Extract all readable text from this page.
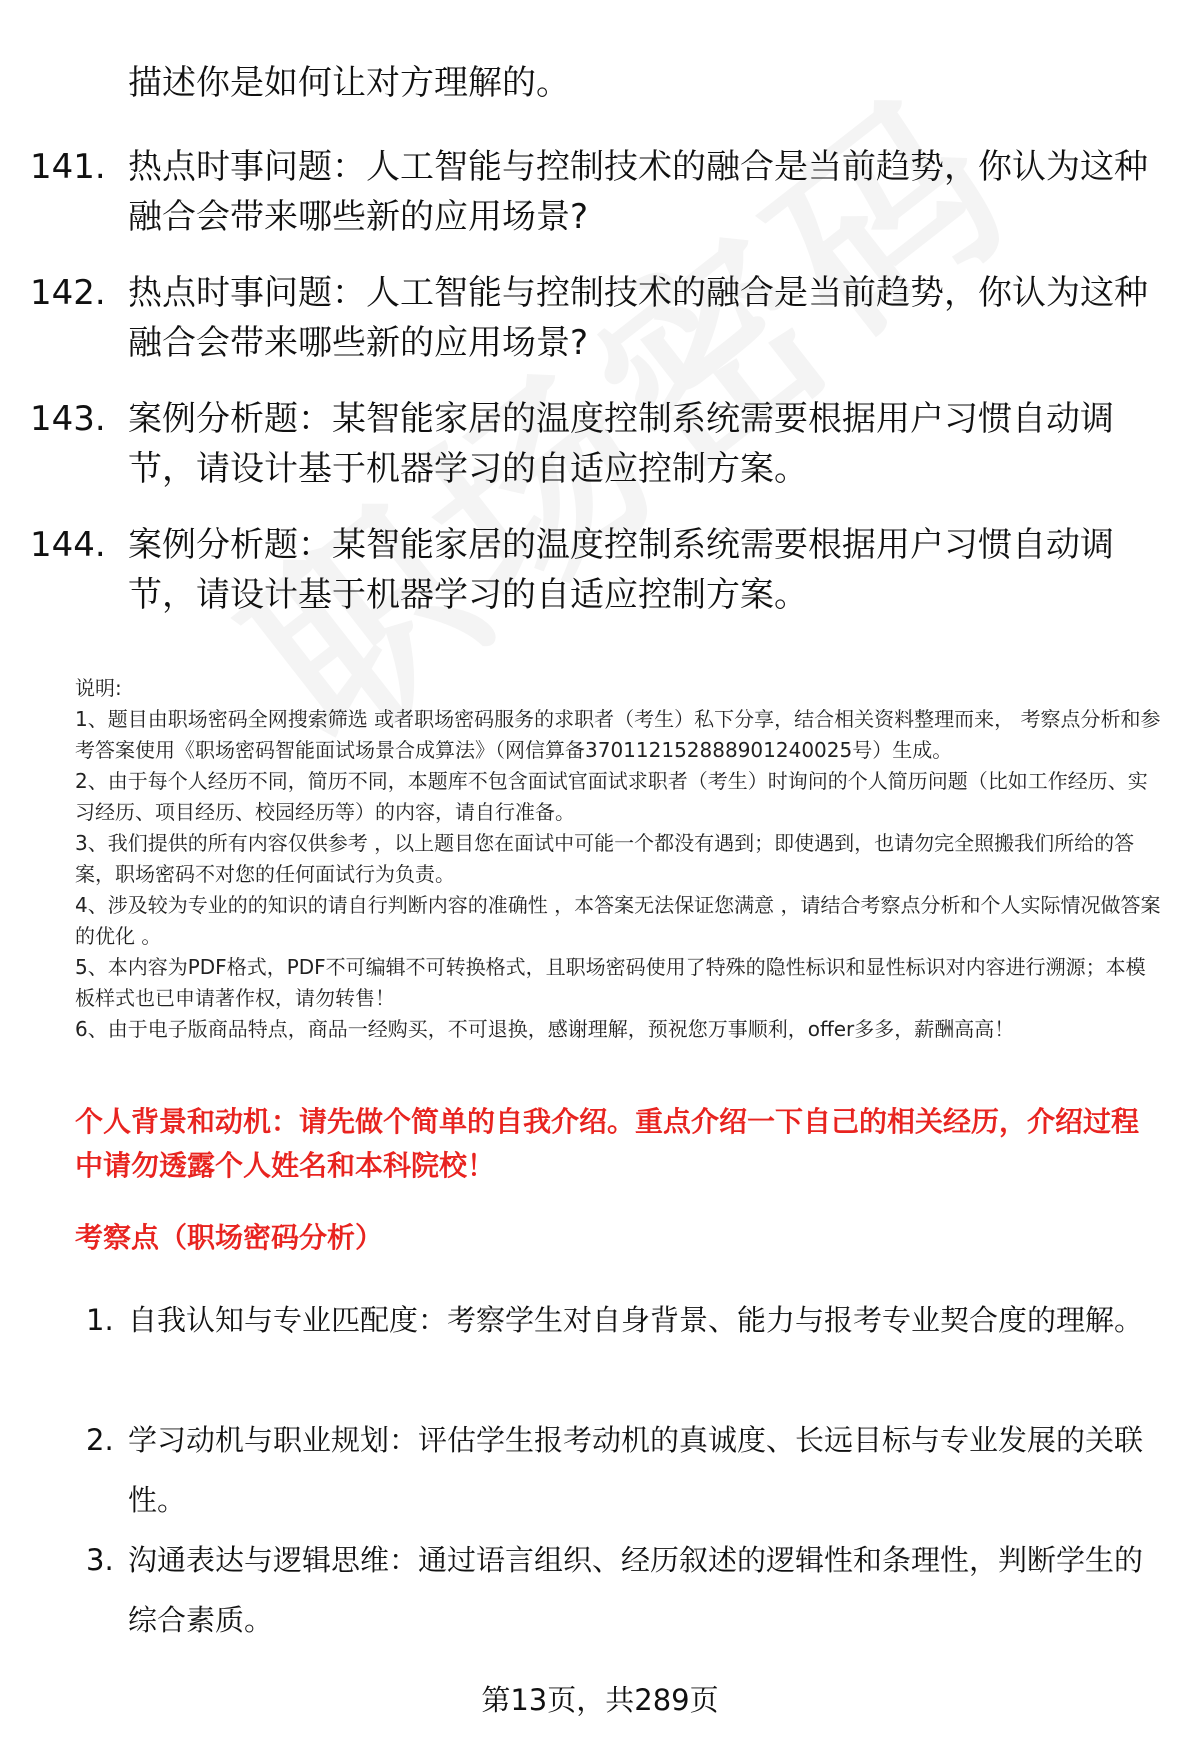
描述你是如何让对方理解的。
141. 热点时事问题：人工智能与控制技术的融合是当前趋势，你认为这种融合会带来哪些新的应用场景?
142. 热点时事问题：人工智能与控制技术的融合是当前趋势，你认为这种融合会带来哪些新的应用场景?
143. 案例分析题：某智能家居的温度控制系统需要根据用户习惯自动调节，请设计基于机器学习的自适应控制方案。
144. 案例分析题：某智能家居的温度控制系统需要根据用户习惯自动调节，请设计基于机器学习的自适应控制方案。

说明:

1、题目由职场密码全网搜索筛选 或者职场密码服务的求职者（考生）私下分享，结合相关资料整理而来， 考察点分析和参考答案使用《职场密码智能面试场景合成算法》（网信算备370112152888901240025号）生成。

2、由于每个人经历不同，简历不同，本题库不包含面试官面试求职者（考生）时询问的个人简历问题（比如工作经历、实习经历、项目经历、校园经历等）的内容，请自行准备。

3、我们提供的所有内容仅供参考 ，以上题目您在面试中可能一个都没有遇到；即使遇到，也请勿完全照搬我们所给的答案，职场密码不对您的任何面试行为负责。

4、涉及较为专业的的知识的请自行判断内容的准确性 ，本答案无法保证您满意 ，请结合考察点分析和个人实际情况做答案的优化 。

5、本内容为PDF格式，PDF不可编辑不可转换格式，且职场密码使用了特殊的隐性标识和显性标识对内容进行溯源；本模板样式也已申请著作权，请勿转售！

6、由于电子版商品特点，商品一经购买，不可退换，感谢理解，预祝您万事顺利，offer多多，薪酬高高！

个人背景和动机：请先做个简单的自我介绍。重点介绍一下自己的相关经历，介绍过程中请勿透露个人姓名和本科院校！
考察点（职场密码分析）
1. 自我认知与专业匹配度：考察学生对自身背景、能力与报考专业契合度的理解。
2. 学习动机与职业规划：评估学生报考动机的真诚度、长远目标与专业发展的关联性。
3. 沟通表达与逻辑思维：通过语言组织、经历叙述的逻辑性和条理性，判断学生的综合素质。
第13页，共289页
